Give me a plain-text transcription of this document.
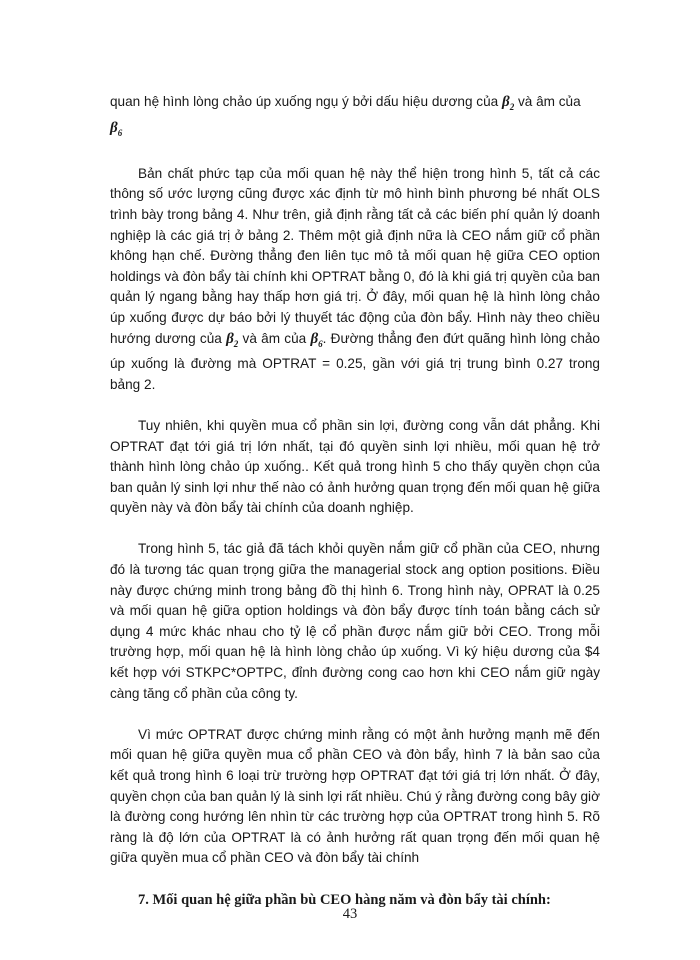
quan hệ hình lòng chảo úp xuống ngụ ý bởi dấu hiệu dương của $\beta_2$ và âm của
$\beta_6$

Bản chất phức tạp của mối quan hệ này thể hiện trong hình 5, tất cả các thông số ước lượng cũng được xác định từ mô hình bình phương bé nhất OLS trình bày trong bảng 4. Như trên, giả định rằng tất cả các biến phí quản lý doanh nghiệp là các giá trị ở bảng 2. Thêm một giả định nữa là CEO nắm giữ cổ phần không hạn chế. Đường thẳng đen liên tục mô tả mối quan hệ giữa CEO option holdings và đòn bẩy tài chính khi OPTRAT bằng 0, đó là khi giá trị quyền của ban quản lý ngang bằng hay thấp hơn giá trị. Ở đây, mối quan hệ là hình lòng chảo úp xuống được dự báo bởi lý thuyết tác động của đòn bẩy. Hình này theo chiều hướng dương của $\beta_2$ và âm của $\beta_6$. Đường thẳng đen đứt quãng hình lòng chảo úp xuống là đường mà OPTRAT = 0.25, gần với giá trị trung bình 0.27 trong bảng 2.

Tuy nhiên, khi quyền mua cổ phần sin lợi, đường cong vẫn dát phẳng. Khi OPTRAT đạt tới giá trị lớn nhất, tại đó quyền sinh lợi nhiều, mối quan hệ trở thành hình lòng chảo úp xuống.. Kết quả trong hình 5 cho thấy quyền chọn của ban quản lý sinh lợi như thế nào có ảnh hưởng quan trọng đến mối quan hệ giữa quyền này và đòn bẩy tài chính của doanh nghiệp.

Trong hình 5, tác giả đã tách khỏi quyền nắm giữ cổ phần của CEO, nhưng đó là tương tác quan trọng giữa the managerial stock ang option positions. Điều này được chứng minh trong bảng đồ thị hình 6. Trong hình này, OPRAT là 0.25 và mối quan hệ giữa option holdings và đòn bẩy được tính toán bằng cách sử dụng 4 mức khác nhau cho tỷ lệ cổ phần được nắm giữ bởi CEO. Trong mỗi trường hợp, mối quan hệ là hình lòng chảo úp xuống. Vì ký hiệu dương của $4 kết hợp với STKPC*OPTPC, đỉnh đường cong cao hơn khi CEO nắm giữ ngày càng tăng cổ phần của công ty.

Vì mức OPTRAT được chứng minh rằng có một ảnh hưởng mạnh mẽ đến mối quan hệ giữa quyền mua cổ phần CEO và đòn bẩy, hình 7 là bản sao của kết quả trong hình 6 loại trừ trường hợp OPTRAT đạt tới giá trị lớn nhất. Ở đây, quyền chọn của ban quản lý là sinh lợi rất nhiều. Chú ý rằng đường cong bây giờ là đường cong hướng lên nhìn từ các trường hợp của OPTRAT trong hình 5. Rõ ràng là độ lớn của OPTRAT là có ảnh hưởng rất quan trọng đến mối quan hệ giữa quyền mua cổ phần CEO và đòn bẩy tài chính

7. Mối quan hệ giữa phần bù CEO hàng năm và đòn bẩy tài chính:

43
